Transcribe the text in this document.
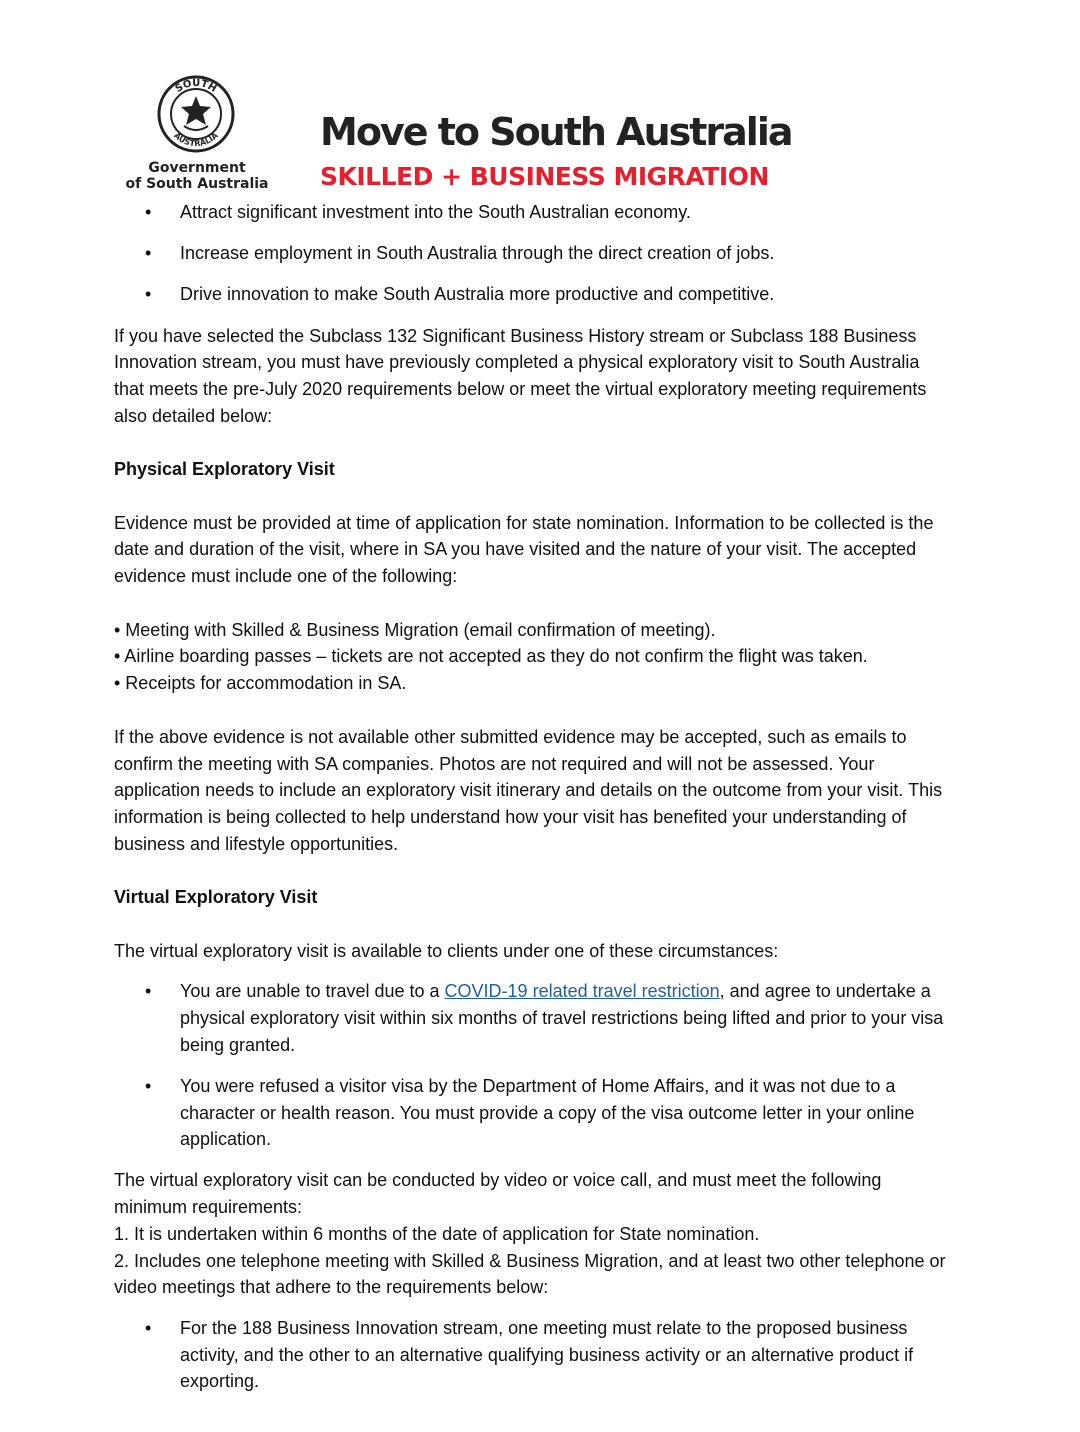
SOUTH
AUSTRALIA
Government
of South Australia
Move to South Australia
SKILLED + BUSINESS MIGRATION
• Attract significant investment into the South Australian economy.
• Increase employment in South Australia through the direct creation of jobs.
• Drive innovation to make South Australia more productive and competitive.

If you have selected the Subclass 132 Significant Business History stream or Subclass 188 Business Innovation stream, you must have previously completed a physical exploratory visit to South Australia that meets the pre-July 2020 requirements below or meet the virtual exploratory meeting requirements also detailed below:

Physical Exploratory Visit

Evidence must be provided at time of application for state nomination. Information to be collected is the date and duration of the visit, where in SA you have visited and the nature of your visit. The accepted evidence must include one of the following:

• Meeting with Skilled & Business Migration (email confirmation of meeting).
• Airline boarding passes – tickets are not accepted as they do not confirm the flight was taken.
• Receipts for accommodation in SA.

If the above evidence is not available other submitted evidence may be accepted, such as emails to confirm the meeting with SA companies. Photos are not required and will not be assessed. Your application needs to include an exploratory visit itinerary and details on the outcome from your visit. This information is being collected to help understand how your visit has benefited your understanding of business and lifestyle opportunities.

Virtual Exploratory Visit

The virtual exploratory visit is available to clients under one of these circumstances:

• You are unable to travel due to a COVID-19 related travel restriction, and agree to undertake a physical exploratory visit within six months of travel restrictions being lifted and prior to your visa being granted.
• You were refused a visitor visa by the Department of Home Affairs, and it was not due to a character or health reason. You must provide a copy of the visa outcome letter in your online application.

The virtual exploratory visit can be conducted by video or voice call, and must meet the following minimum requirements:

1. It is undertaken within 6 months of the date of application for State nomination.
2. Includes one telephone meeting with Skilled & Business Migration, and at least two other telephone or video meetings that adhere to the requirements below:
• For the 188 Business Innovation stream, one meeting must relate to the proposed business activity, and the other to an alternative qualifying business activity or an alternative product if exporting.
